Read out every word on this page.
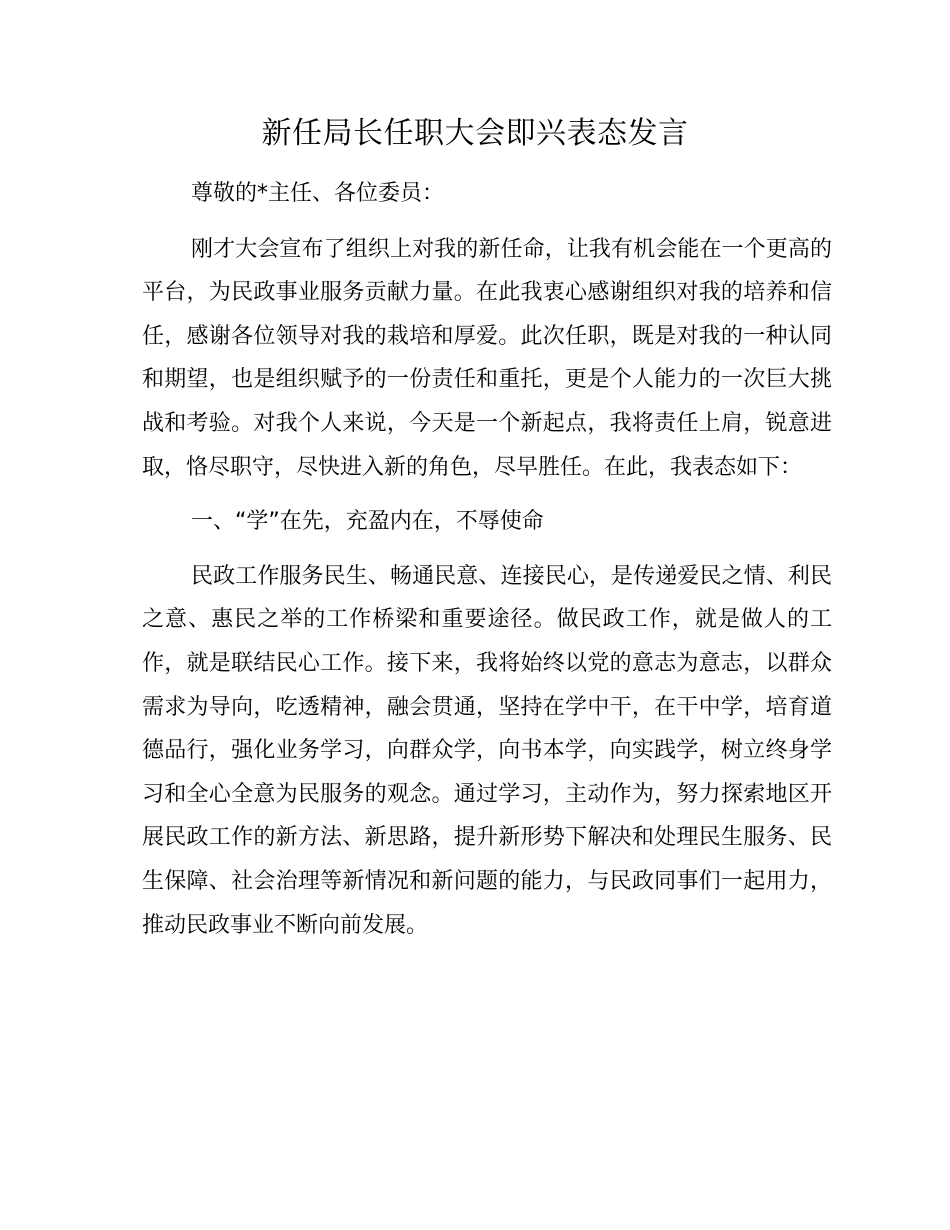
新任局长任职大会即兴表态发言

尊敬的*主任、各位委员：

刚才大会宣布了组织上对我的新任命，让我有机会能在一个更高的平台，为民政事业服务贡献力量。在此我衷心感谢组织对我的培养和信任，感谢各位领导对我的栽培和厚爱。此次任职，既是对我的一种认同和期望，也是组织赋予的一份责任和重托，更是个人能力的一次巨大挑战和考验。对我个人来说，今天是一个新起点，我将责任上肩，锐意进取，恪尽职守，尽快进入新的角色，尽早胜任。在此，我表态如下：

一、“学”在先，充盈内在，不辱使命

民政工作服务民生、畅通民意、连接民心，是传递爱民之情、利民之意、惠民之举的工作桥梁和重要途径。做民政工作，就是做人的工作，就是联结民心工作。接下来，我将始终以党的意志为意志，以群众需求为导向，吃透精神，融会贯通，坚持在学中干，在干中学，培育道德品行，强化业务学习，向群众学，向书本学，向实践学，树立终身学习和全心全意为民服务的观念。通过学习，主动作为，努力探索地区开展民政工作的新方法、新思路，提升新形势下解决和处理民生服务、民生保障、社会治理等新情况和新问题的能力，与民政同事们一起用力，推动民政事业不断向前发展。
